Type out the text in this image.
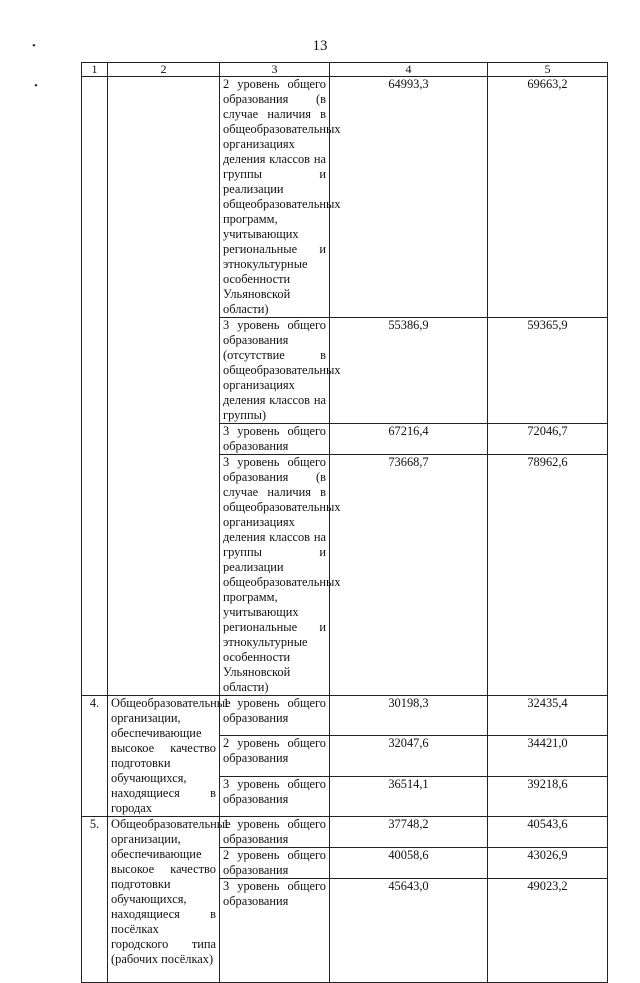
•
•
13
1	2	3	4	5
		2 уровень общего образования (в случае наличия в общеобразовательных организациях деления классов на группы и реализации общеобразовательных программ, учитывающих региональные и этнокультурные особенности Ульяновской области)	64993,3	69663,2
		3 уровень общего образования (отсутствие в общеобразовательных организациях деления классов на группы)	55386,9	59365,9
		3 уровень общего образования	67216,4	72046,7
		3 уровень общего образования (в случае наличия в общеобразовательных организациях деления классов на группы и реализации общеобразовательных программ, учитывающих региональные и этнокультурные особенности Ульяновской области)	73668,7	78962,6
4.	Общеобразовательные организации, обеспечивающие высокое качество подготовки обучающихся, находящиеся в городах	1 уровень общего образования	30198,3	32435,4
		2 уровень общего образования	32047,6	34421,0
		3 уровень общего образования	36514,1	39218,6
5.	Общеобразовательные организации, обеспечивающие высокое качество подготовки обучающихся, находящиеся в посёлках городского типа (рабочих посёлках)	1 уровень общего образования	37748,2	40543,6
		2 уровень общего образования	40058,6	43026,9
		3 уровень общего образования	45643,0	49023,2
